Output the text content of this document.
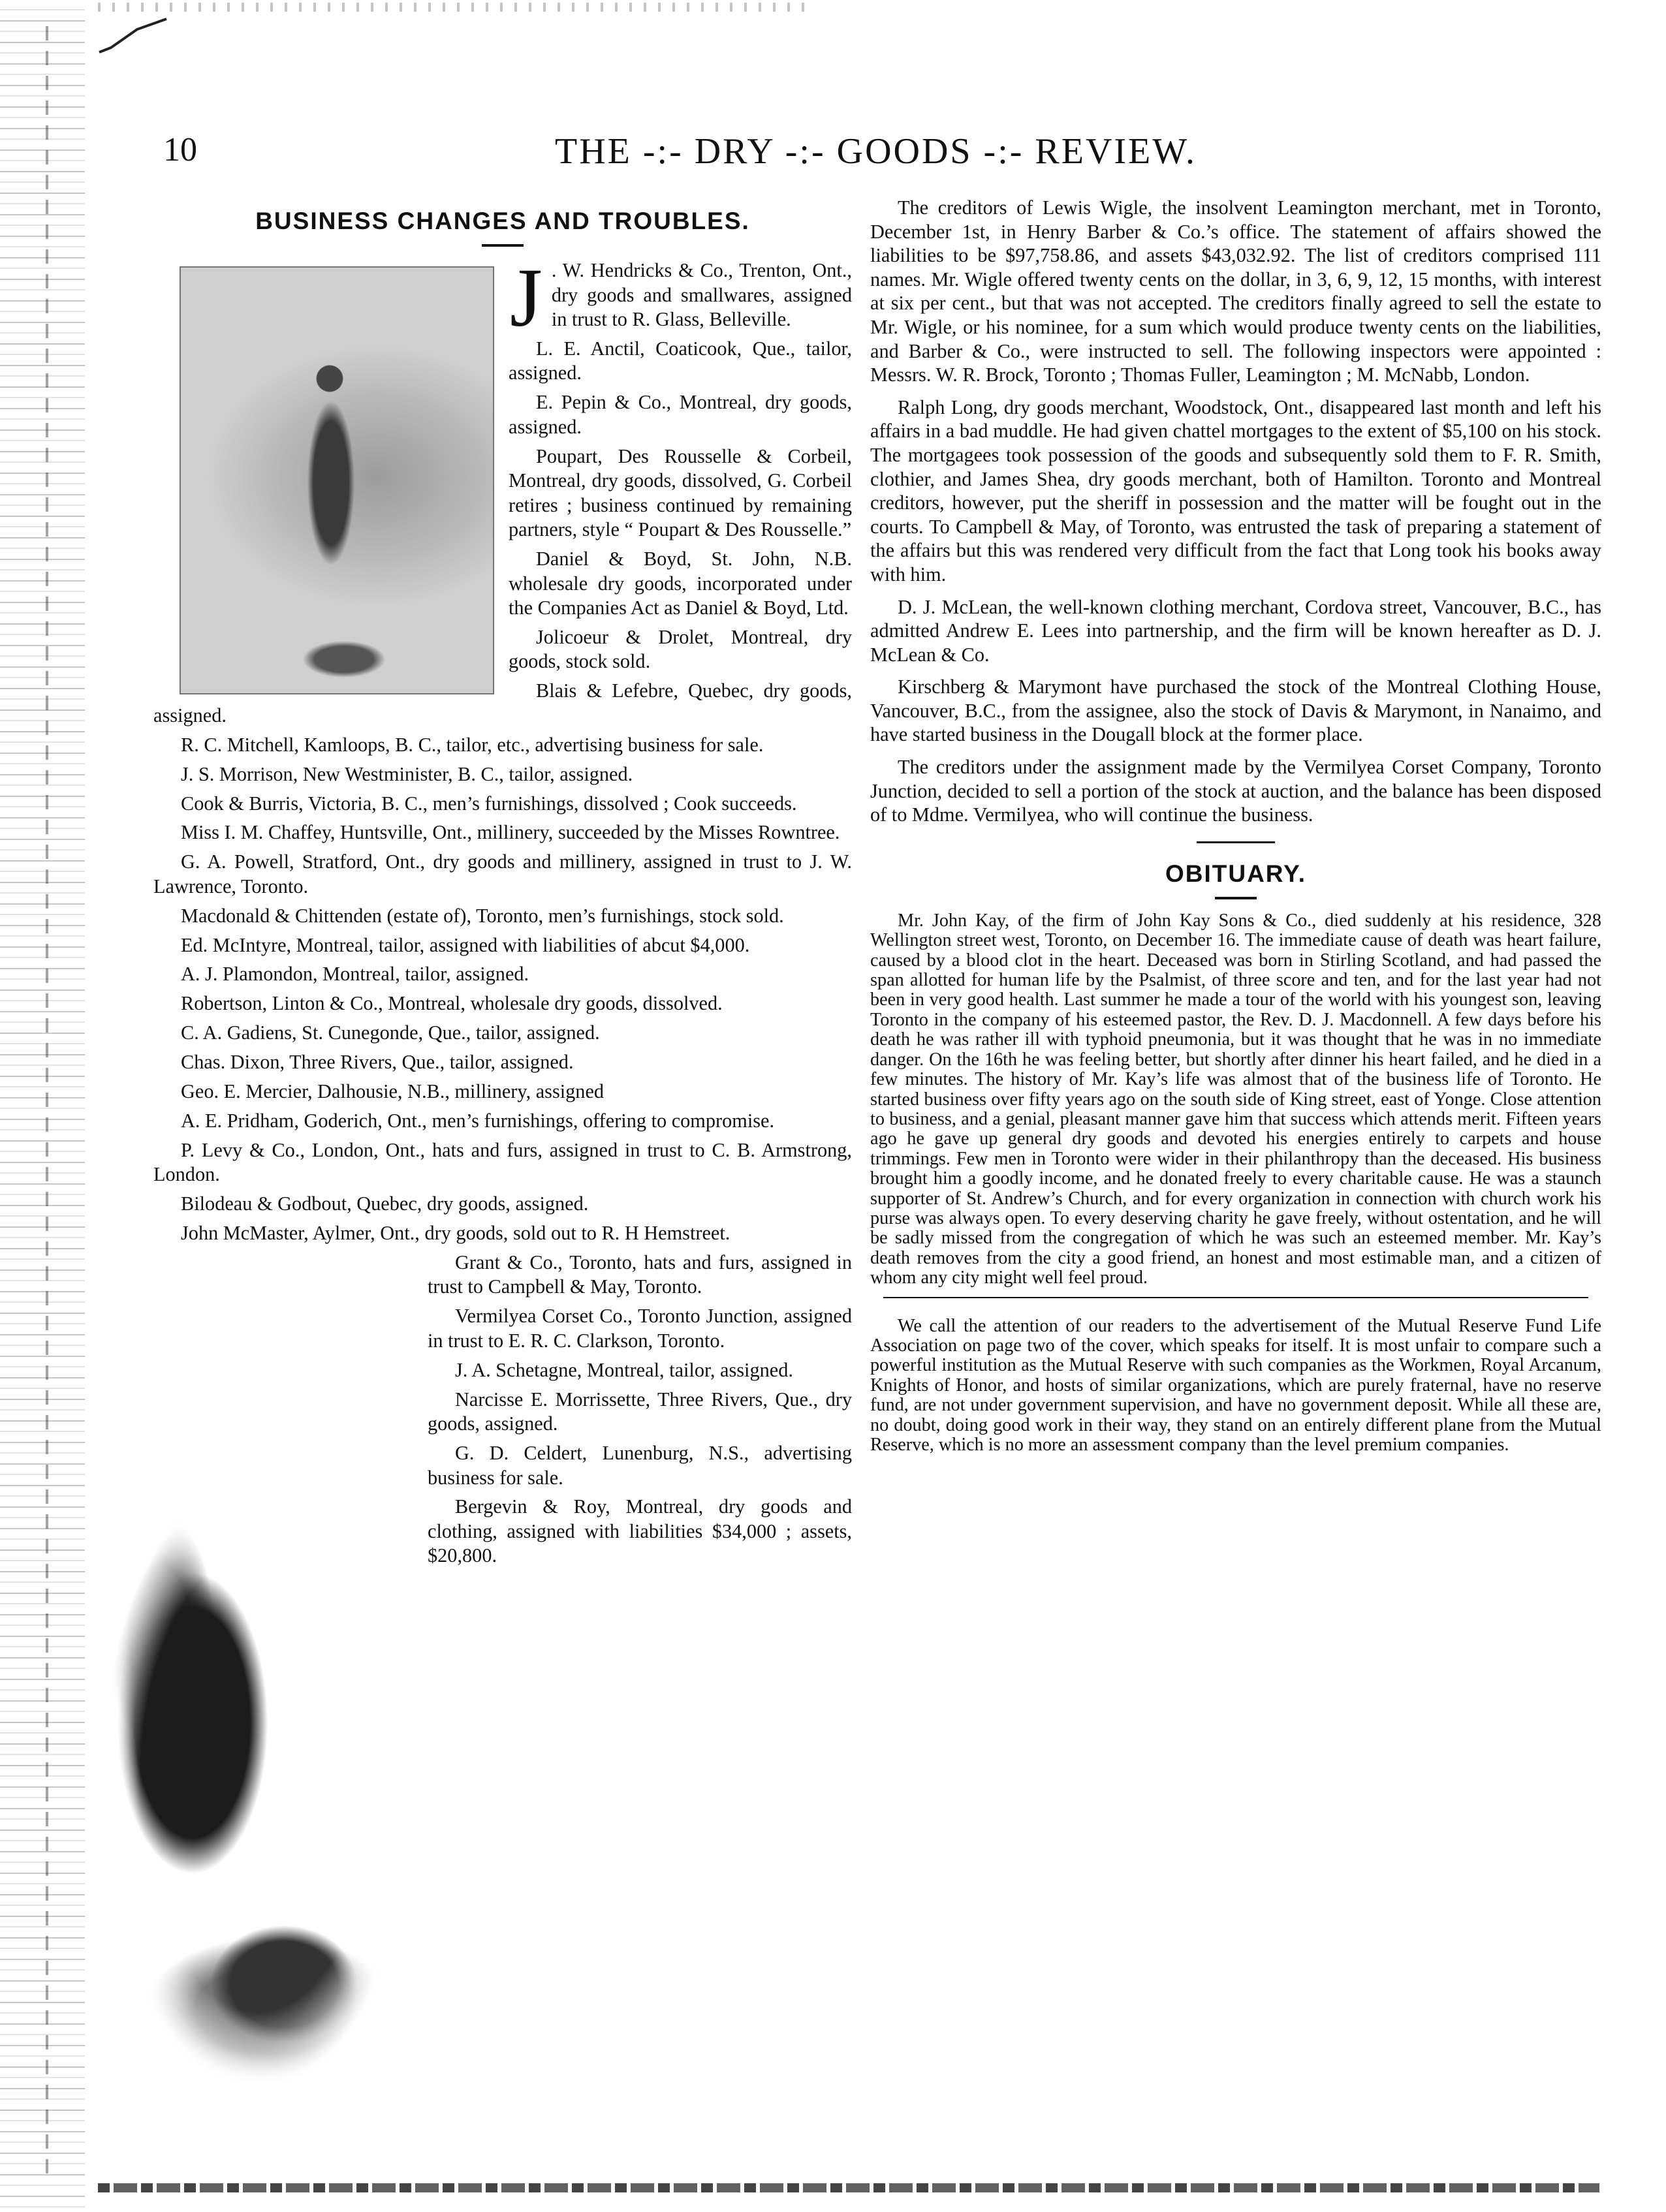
10	THE -:- DRY -:- GOODS -:- REVIEW.
BUSINESS CHANGES AND TROUBLES.

J . W. Hendricks & Co., Trenton, Ont., dry goods and smallwares, assigned in trust to R. Glass, Belleville.

L. E. Anctil, Coaticook, Que., tailor, assigned.

E. Pepin & Co., Montreal, dry goods, assigned.

Poupart, Des Rousselle & Corbeil, Montreal, dry goods, dissolved, G. Corbeil retires ; business continued by remaining partners, style “ Poupart & Des Rousselle.”

Daniel & Boyd, St. John, N.B. wholesale dry goods, incorporated under the Companies Act as Daniel & Boyd, Ltd.

Jolicoeur & Drolet, Montreal, dry goods, stock sold.

Blais & Lefebre, Quebec, dry goods, assigned.

R. C. Mitchell, Kamloops, B. C., tailor, etc., advertising business for sale.

J. S. Morrison, New Westminister, B. C., tailor, assigned.

Cook & Burris, Victoria, B. C., men’s furnishings, dissolved ; Cook succeeds.

Miss I. M. Chaffey, Huntsville, Ont., millinery, succeeded by the Misses Rowntree.

G. A. Powell, Stratford, Ont., dry goods and millinery, assigned in trust to J. W. Lawrence, Toronto.

Macdonald & Chittenden (estate of), Toronto, men’s furnishings, stock sold.

Ed. McIntyre, Montreal, tailor, assigned with liabilities of abcut $4,000.

A. J. Plamondon, Montreal, tailor, assigned.

Robertson, Linton & Co., Montreal, wholesale dry goods, dissolved.

C. A. Gadiens, St. Cunegonde, Que., tailor, assigned.

Chas. Dixon, Three Rivers, Que., tailor, assigned.

Geo. E. Mercier, Dalhousie, N.B., millinery, assigned

A. E. Pridham, Goderich, Ont., men’s furnishings, offering to compromise.

P. Levy & Co., London, Ont., hats and furs, assigned in trust to C. B. Armstrong, London.

Bilodeau & Godbout, Quebec, dry goods, assigned.

John McMaster, Aylmer, Ont., dry goods, sold out to R. H Hemstreet.

Grant & Co., Toronto, hats and furs, assigned in trust to Campbell & May, Toronto.

Vermilyea Corset Co., Toronto Junction, assigned in trust to E. R. C. Clarkson, Toronto.

J. A. Schetagne, Montreal, tailor, assigned.

Narcisse E. Morrissette, Three Rivers, Que., dry goods, assigned.

G. D. Celdert, Lunenburg, N.S., advertising business for sale.

Bergevin & Roy, Montreal, dry goods and clothing, assigned with liabilities $34,000 ; assets, $20,800.

The creditors of Lewis Wigle, the insolvent Leamington merchant, met in Toronto, December 1st, in Henry Barber & Co.’s office. The statement of affairs showed the liabilities to be $97,758.86, and assets $43,032.92. The list of creditors comprised 111 names. Mr. Wigle offered twenty cents on the dollar, in 3, 6, 9, 12, 15 months, with interest at six per cent., but that was not accepted. The creditors finally agreed to sell the estate to Mr. Wigle, or his nominee, for a sum which would produce twenty cents on the liabilities, and Barber & Co., were instructed to sell. The following inspectors were appointed : Messrs. W. R. Brock, Toronto ; Thomas Fuller, Leamington ; M. McNabb, London.

Ralph Long, dry goods merchant, Woodstock, Ont., disappeared last month and left his affairs in a bad muddle. He had given chattel mortgages to the extent of $5,100 on his stock. The mortgagees took possession of the goods and subsequently sold them to F. R. Smith, clothier, and James Shea, dry goods merchant, both of Hamilton. Toronto and Montreal creditors, however, put the sheriff in possession and the matter will be fought out in the courts. To Campbell & May, of Toronto, was entrusted the task of preparing a statement of the affairs but this was rendered very difficult from the fact that Long took his books away with him.

D. J. McLean, the well-known clothing merchant, Cordova street, Vancouver, B.C., has admitted Andrew E. Lees into partnership, and the firm will be known hereafter as D. J. McLean & Co.

Kirschberg & Marymont have purchased the stock of the Montreal Clothing House, Vancouver, B.C., from the assignee, also the stock of Davis & Marymont, in Nanaimo, and have started business in the Dougall block at the former place.

The creditors under the assignment made by the Vermilyea Corset Company, Toronto Junction, decided to sell a portion of the stock at auction, and the balance has been disposed of to Mdme. Vermilyea, who will continue the business.

OBITUARY.

Mr. John Kay, of the firm of John Kay Sons & Co., died suddenly at his residence, 328 Wellington street west, Toronto, on December 16. The immediate cause of death was heart failure, caused by a blood clot in the heart. Deceased was born in Stirling Scotland, and had passed the span allotted for human life by the Psalmist, of three score and ten, and for the last year had not been in very good health. Last summer he made a tour of the world with his youngest son, leaving Toronto in the company of his esteemed pastor, the Rev. D. J. Macdonnell. A few days before his death he was rather ill with typhoid pneumonia, but it was thought that he was in no immediate danger. On the 16th he was feeling better, but shortly after dinner his heart failed, and he died in a few minutes. The history of Mr. Kay’s life was almost that of the business life of Toronto. He started business over fifty years ago on the south side of King street, east of Yonge. Close attention to business, and a genial, pleasant manner gave him that success which attends merit. Fifteen years ago he gave up general dry goods and devoted his energies entirely to carpets and house trimmings. Few men in Toronto were wider in their philanthropy than the deceased. His business brought him a goodly income, and he donated freely to every charitable cause. He was a staunch supporter of St. Andrew’s Church, and for every organization in connection with church work his purse was always open. To every deserving charity he gave freely, without ostentation, and he will be sadly missed from the congregation of which he was such an esteemed member. Mr. Kay’s death removes from the city a good friend, an honest and most estimable man, and a citizen of whom any city might well feel proud.

We call the attention of our readers to the advertisement of the Mutual Reserve Fund Life Association on page two of the cover, which speaks for itself. It is most unfair to compare such a powerful institution as the Mutual Reserve with such companies as the Workmen, Royal Arcanum, Knights of Honor, and hosts of similar organizations, which are purely fraternal, have no reserve fund, are not under government supervision, and have no government deposit. While all these are, no doubt, doing good work in their way, they stand on an entirely different plane from the Mutual Reserve, which is no more an assessment company than the level premium companies.
